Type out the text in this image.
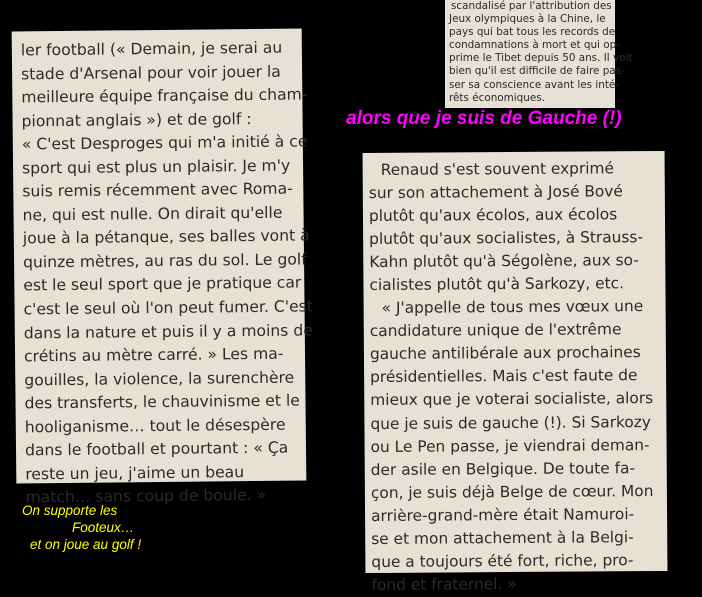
scandalisé par l'attribution des
Jeux olympiques à la Chine, le
pays qui bat tous les records de
condamnations à mort et qui op-
prime le Tibet depuis 50 ans. Il voit
bien qu'il est difficile de faire pas-
ser sa conscience avant les inté-
rêts économiques.
ler football (« Demain, je serai au
stade d'Arsenal pour voir jouer la
meilleure équipe française du cham-
pionnat anglais ») et de golf :
« C'est Desproges qui m'a initié à ce
sport qui est plus un plaisir. Je m'y
suis remis récemment avec Roma-
ne, qui est nulle. On dirait qu'elle
joue à la pétanque, ses balles vont à
quinze mètres, au ras du sol. Le golf
est le seul sport que je pratique car
c'est le seul où l'on peut fumer. C'est
dans la nature et puis il y a moins de
crétins au mètre carré. » Les ma-
gouilles, la violence, la surenchère
des transferts, le chauvinisme et le
hooliganisme… tout le désespère
dans le football et pourtant : « Ça
reste un jeu, j'aime un beau
match… sans coup de boule. »
alors que je suis de Gauche (!)
Renaud s'est souvent exprimé
sur son attachement à José Bové
plutôt qu'aux écolos, aux écolos
plutôt qu'aux socialistes, à Strauss-
Kahn plutôt qu'à Ségolène, aux so-
cialistes plutôt qu'à Sarkozy, etc.
« J'appelle de tous mes vœux une
candidature unique de l'extrême
gauche antilibérale aux prochaines
présidentielles. Mais c'est faute de
mieux que je voterai socialiste, alors
que je suis de gauche (!). Si Sarkozy
ou Le Pen passe, je viendrai deman-
der asile en Belgique. De toute fa-
çon, je suis déjà Belge de cœur. Mon
arrière-grand-mère était Namuroi-
se et mon attachement à la Belgi-
que a toujours été fort, riche, pro-
fond et fraternel. »
On supporte les
Footeux…
et on joue au golf !
